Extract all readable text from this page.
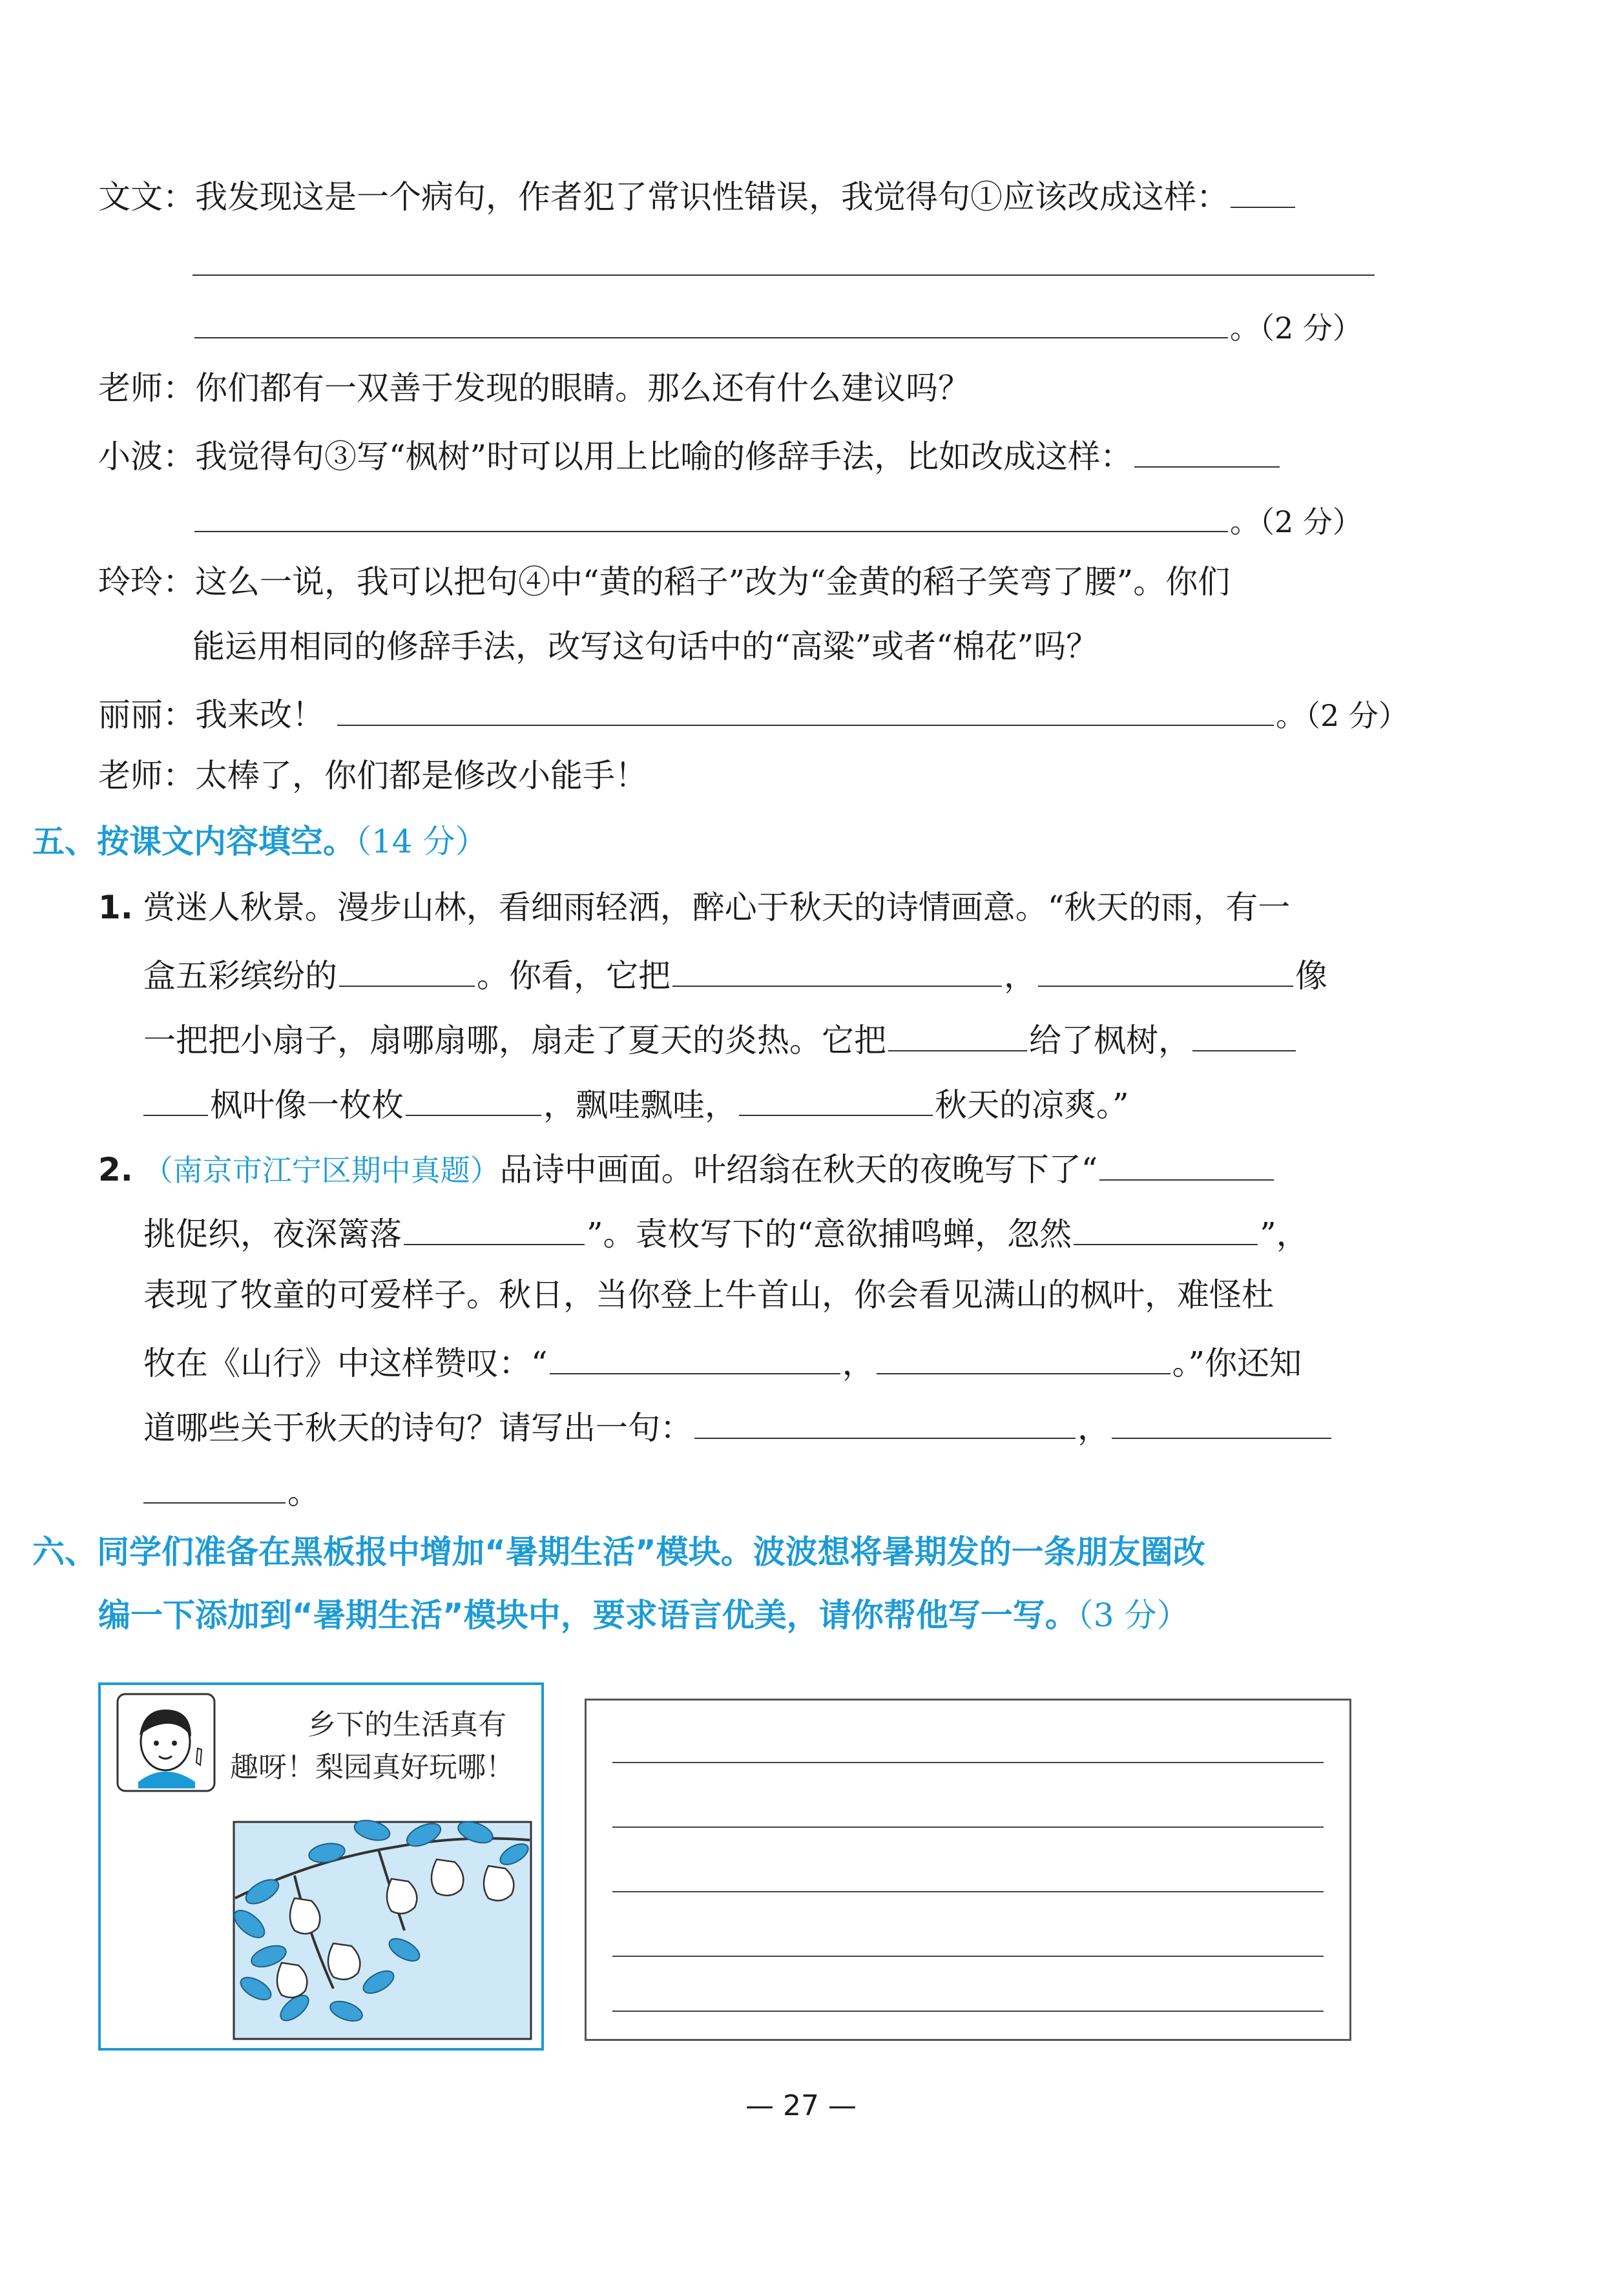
文文：我发现这是一个病句，作者犯了常识性错误，我觉得句①应该改成这样：
。（2 分）
老师：你们都有一双善于发现的眼睛。那么还有什么建议吗？
小波：我觉得句③写“枫树”时可以用上比喻的修辞手法，比如改成这样：
。（2 分）
玲玲：这么一说，我可以把句④中“黄的稻子”改为“金黄的稻子笑弯了腰”。你们
能运用相同的修辞手法，改写这句话中的“高粱”或者“棉花”吗？
丽丽：我来改！	。（2 分）
老师：太棒了，你们都是修改小能手！
五、按课文内容填空。（14 分）
1. 赏迷人秋景。漫步山林，看细雨轻洒，醉心于秋天的诗情画意。“秋天的雨，有一
盒五彩缤纷的	。你看，它把	，	像
一把把小扇子，扇哪扇哪，扇走了夏天的炎热。它把	给了枫树，
枫叶像一枚枚	，飘哇飘哇，	秋天的凉爽。”
2. （南京市江宁区期中真题）品诗中画面。叶绍翁在秋天的夜晚写下了“
挑促织，夜深篱落	”。袁枚写下的“意欲捕鸣蝉，忽然	”，
表现了牧童的可爱样子。秋日，当你登上牛首山，你会看见满山的枫叶，难怪杜
牧在《山行》中这样赞叹：“	，	。”你还知
道哪些关于秋天的诗句？请写出一句：	，
。
六、同学们准备在黑板报中增加“暑期生活”模块。波波想将暑期发的一条朋友圈改
编一下添加到“暑期生活”模块中，要求语言优美，请你帮他写一写。（3 分）
乡下的生活真有
趣呀！梨园真好玩哪！
— 27 —
